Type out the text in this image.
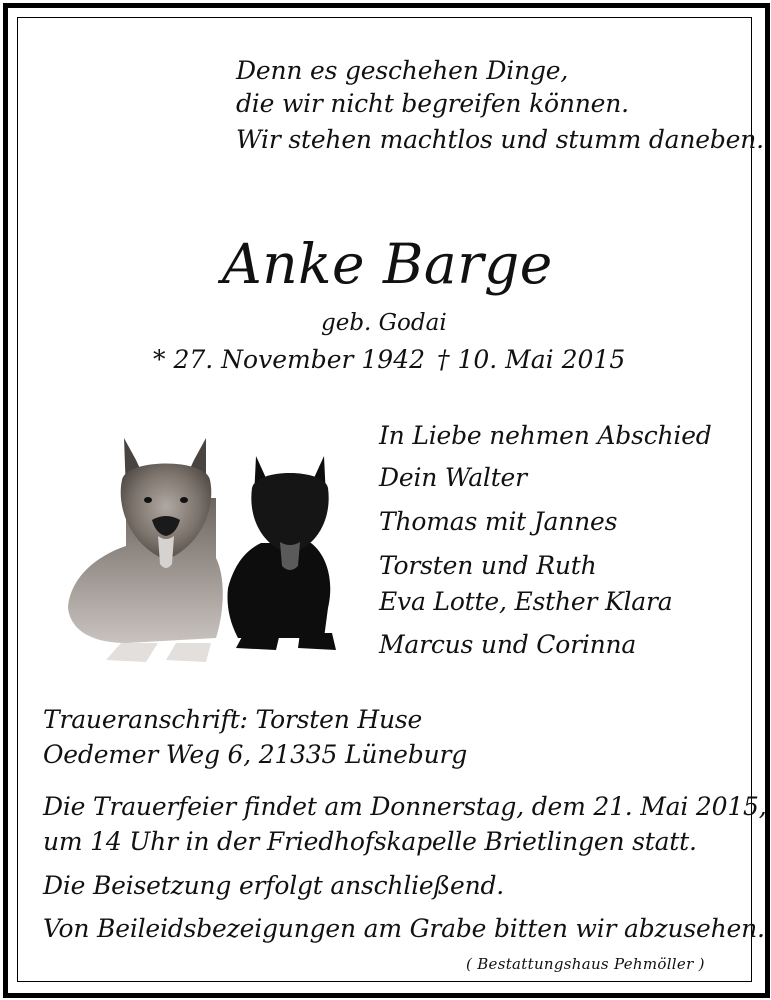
Denn es geschehen Dinge,
die wir nicht begreifen können.
Wir stehen machtlos und stumm daneben.
Anke Barge
geb. Godai
* 27. November 1942 † 10. Mai 2015
In Liebe nehmen Abschied
Dein Walter
Thomas mit Jannes
Torsten und Ruth
Eva Lotte, Esther Klara
Marcus und Corinna
Traueranschrift: Torsten Huse
Oedemer Weg 6, 21335 Lüneburg
Die Trauerfeier findet am Donnerstag, dem 21. Mai 2015,
um 14 Uhr in der Friedhofskapelle Brietlingen statt.
Die Beisetzung erfolgt anschließend.
Von Beileidsbezeigungen am Grabe bitten wir abzusehen.
( Bestattungshaus Pehmöller )
